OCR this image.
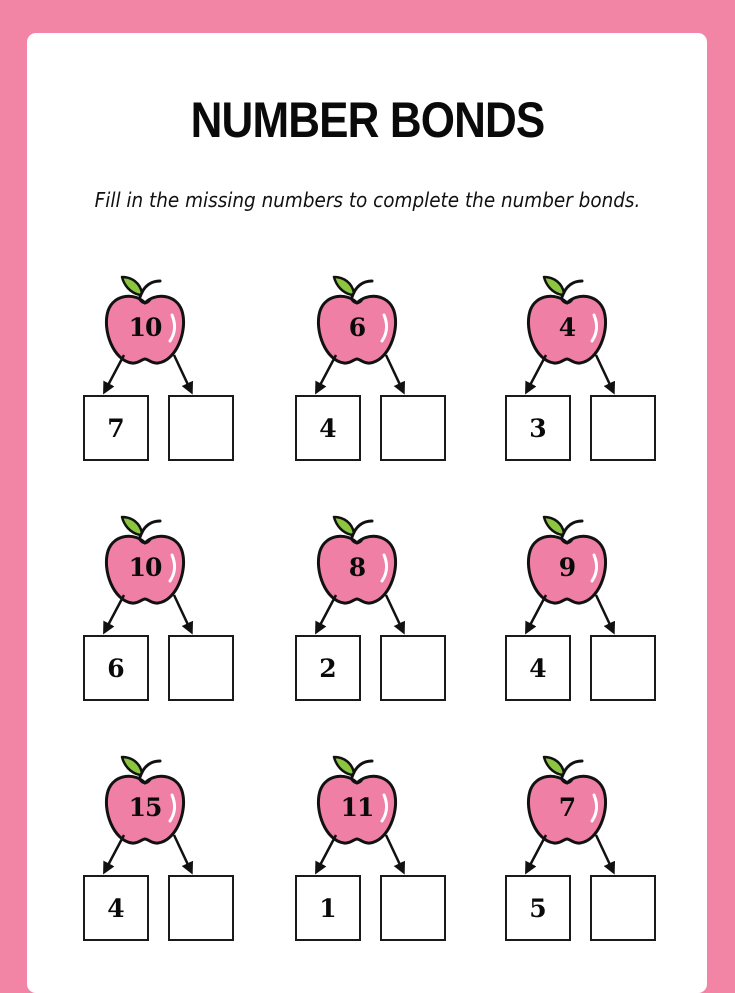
NUMBER BONDS
Fill in the missing numbers to complete the number bonds.
10
7
6
4
4
3
10
6
8
2
9
4
15
4
11
1
7
5
